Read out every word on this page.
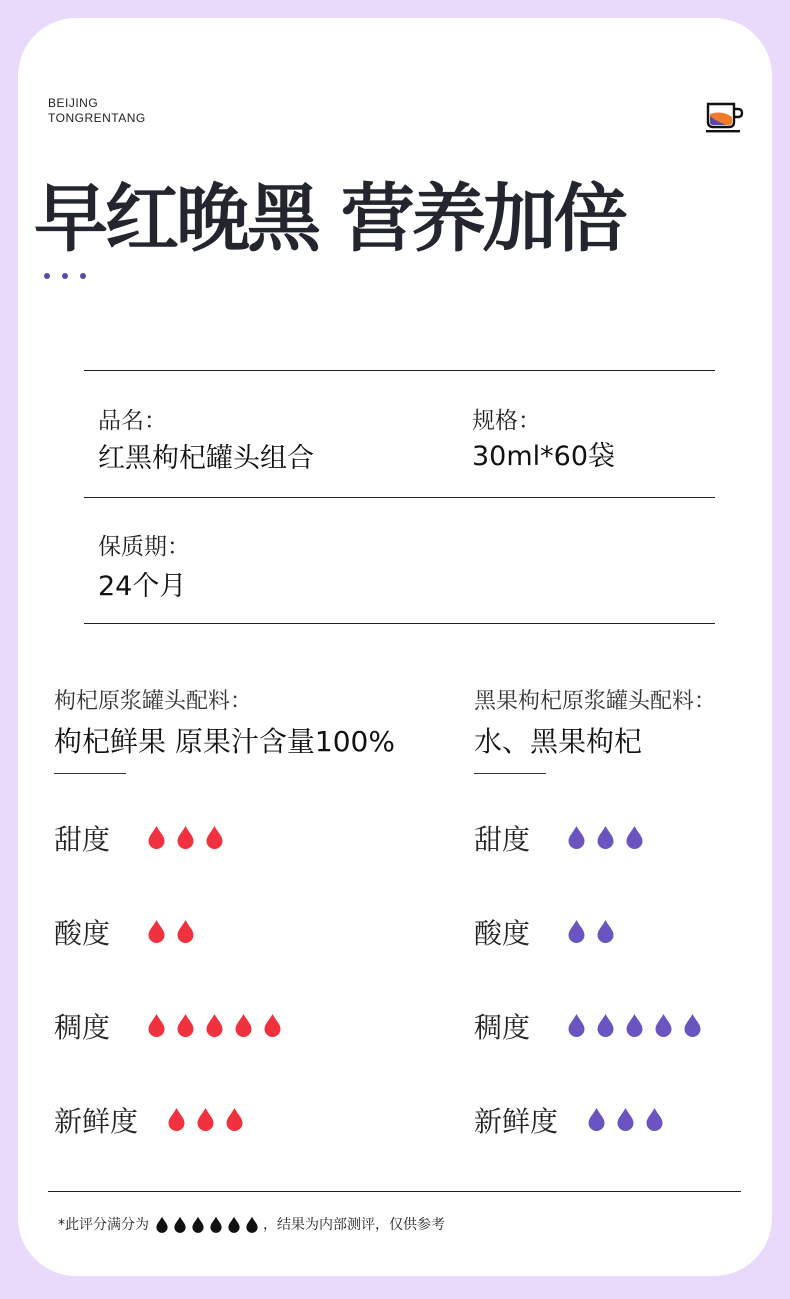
BEIJING
TONGRENTANG
早红晚黑 营养加倍
品名：
红黑枸杞罐头组合
规格：
30ml*60袋
保质期：
24个月
枸杞原浆罐头配料：
枸杞鲜果 原果汁含量100%
黑果枸杞原浆罐头配料：
水、黑果枸杞
甜度
酸度
稠度
新鲜度
甜度
酸度
稠度
新鲜度
*此评分满分为	，结果为内部测评，仅供参考
